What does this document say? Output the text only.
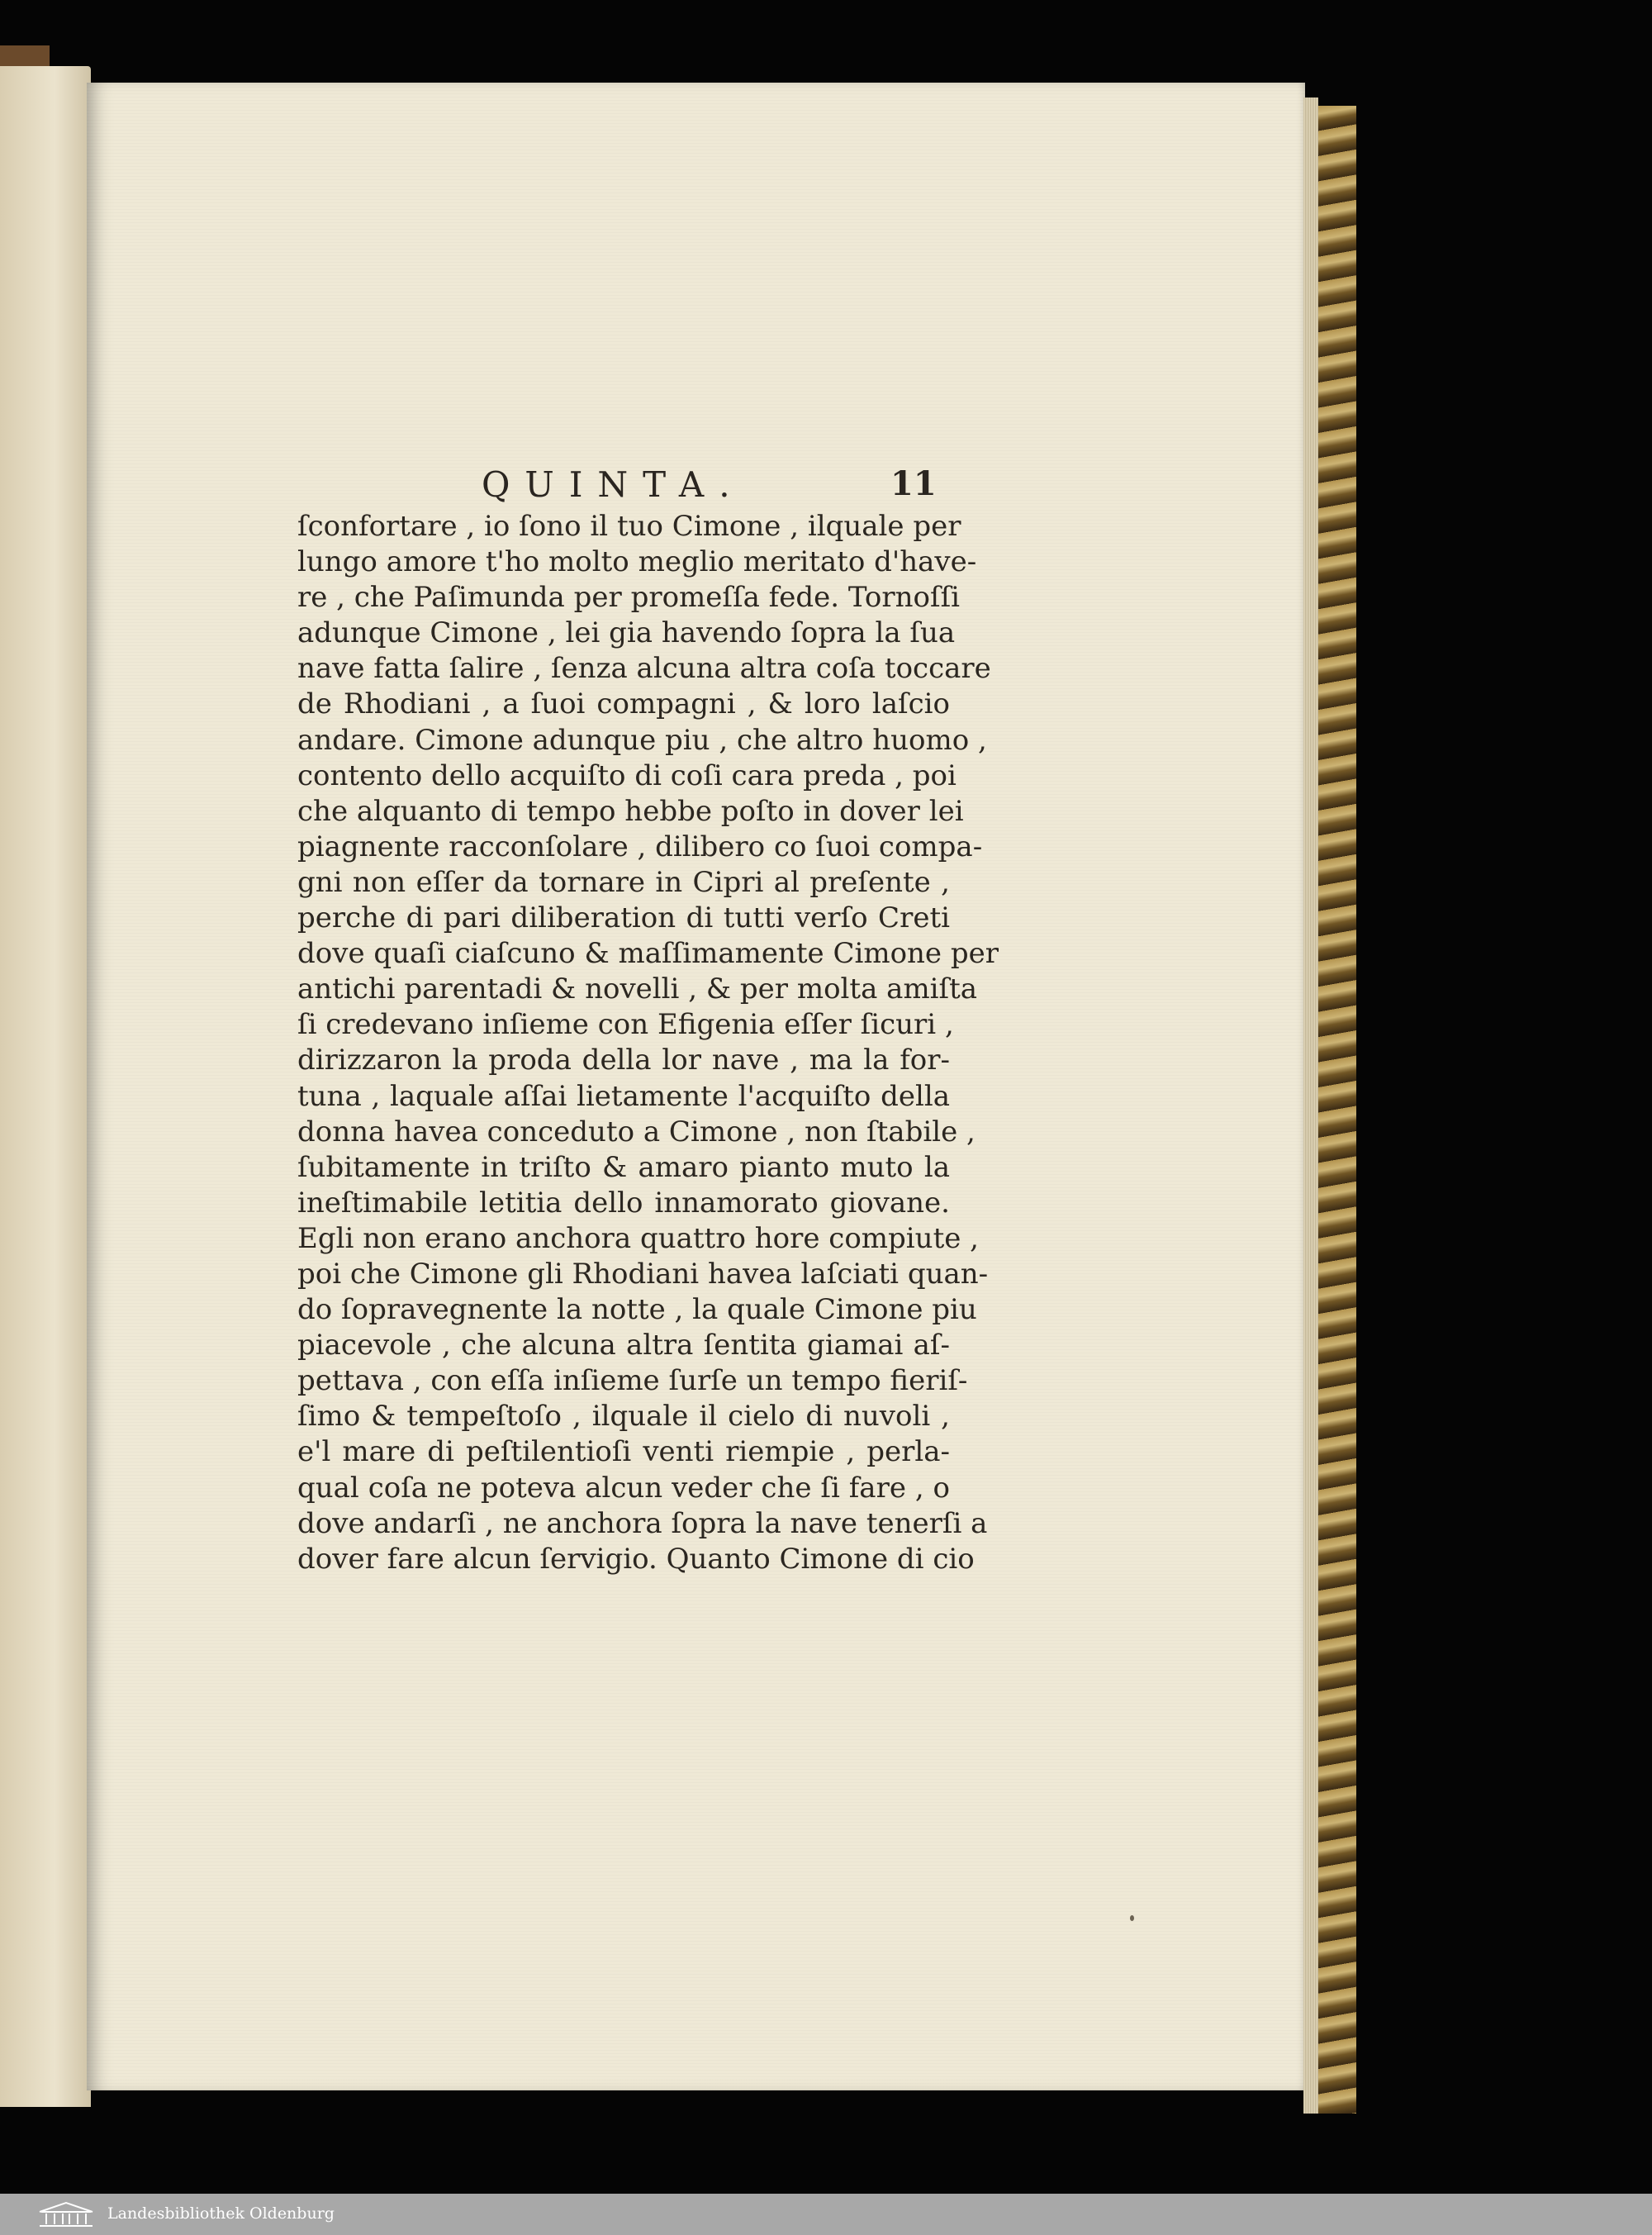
QUINTA.	11
ſconfortare , io ſono il tuo Cimone , ilquale per
lungo amore t'ho molto meglio meritato d'have-
re , che Paſimunda per promeſſa fede. Tornoſſi
adunque Cimone , lei gia havendo ſopra la ſua
nave fatta ſalire , ſenza alcuna altra coſa toccare
de Rhodiani , a ſuoi compagni , & loro laſcio
andare. Cimone adunque piu , che altro huomo ,
contento dello acquiſto di coſi cara preda , poi
che alquanto di tempo hebbe poſto in dover lei
piagnente racconſolare , dilibero co ſuoi compa-
gni non eſſer da tornare in Cipri al preſente ,
perche di pari diliberation di tutti verſo Creti
dove quaſi ciaſcuno & maſſimamente Cimone per
antichi parentadi & novelli , & per molta amiſta
ſi credevano inſieme con Efigenia eſſer ſicuri ,
dirizzaron la proda della lor nave , ma la for-
tuna , laquale aſſai lietamente l'acquiſto della
donna havea conceduto a Cimone , non ſtabile ,
ſubitamente in triſto & amaro pianto muto la
ineſtimabile letitia dello innamorato giovane.
Egli non erano anchora quattro hore compiute ,
poi che Cimone gli Rhodiani havea laſciati quan-
do ſopravegnente la notte , la quale Cimone piu
piacevole , che alcuna altra ſentita giamai aſ-
pettava , con eſſa inſieme ſurſe un tempo fieriſ-
ſimo & tempeſtoſo , ilquale il cielo di nuvoli ,
e'l mare di peſtilentioſi venti riempie , perla-
qual coſa ne poteva alcun veder che ſi fare , o
dove andarſi , ne anchora ſopra la nave tenerſi a
dover fare alcun ſervigio. Quanto Cimone di cio
Landesbibliothek Oldenburg
